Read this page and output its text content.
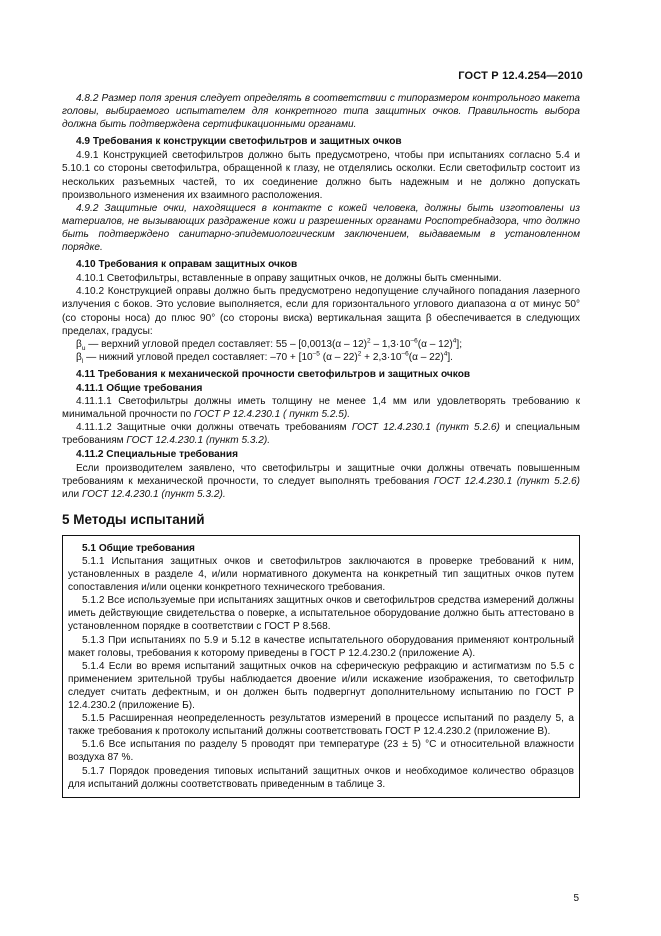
ГОСТ Р 12.4.254—2010

4.8.2 Размер поля зрения следует определять в соответствии с типоразмером контрольного макета головы, выбираемого испытателем для конкретного типа защитных очков. Правильность выбора должна быть подтверждена сертификационными органами.

4.9 Требования к конструкции светофильтров и защитных очков

4.9.1 Конструкцией светофильтров должно быть предусмотрено, чтобы при испытаниях согласно 5.4 и 5.10.1 со стороны светофильтра, обращенной к глазу, не отделялись осколки. Если светофильтр состоит из нескольких разъемных частей, то их соединение должно быть надежным и не должно допускать произвольного изменения их взаимного расположения.

4.9.2 Защитные очки, находящиеся в контакте с кожей человека, должны быть изготовлены из материалов, не вызывающих раздражение кожи и разрешенных органами Роспотребнадзора, что должно быть подтверждено санитарно-эпидемиологическим заключением, выдаваемым в установленном порядке.

4.10 Требования к оправам защитных очков

4.10.1 Светофильтры, вставленные в оправу защитных очков, не должны быть сменными.

4.10.2 Конструкцией оправы должно быть предусмотрено недопущение случайного попадания лазерного излучения с боков. Это условие выполняется, если для горизонтального углового диапазона α от минус 50° (со стороны носа) до плюс 90° (со стороны виска) вертикальная защита β обеспечивается в следующих пределах, градусы:

$\beta_u$ — верхний угловой предел составляет: $55 - [0,0013(\alpha - 12)^2 - 1,3\cdot 10^{-6}(\alpha - 12)^4]$;
$\beta_l$ — нижний угловой предел составляет: $-70 + [10^{-5}$ $(\alpha - 22)^2 + 2,3\cdot 10^{-6}(\alpha - 22)^4$].
4.11 Требования к механической прочности светофильтров и защитных очков
4.11.1 Общие требования

4.11.1.1 Светофильтры должны иметь толщину не менее 1,4 мм или удовлетворять требованию к минимальной прочности по ГОСТ Р 12.4.230.1 ( пункт 5.2.5).

4.11.1.2 Защитные очки должны отвечать требованиям ГОСТ 12.4.230.1 (пункт 5.2.6) и специальным требованиям ГОСТ 12.4.230.1 (пункт 5.3.2).

4.11.2 Специальные требования

Если производителем заявлено, что светофильтры и защитные очки должны отвечать повышенным требованиям к механической прочности, то следует выполнять требования ГОСТ 12.4.230.1 (пункт 5.2.6) или ГОСТ 12.4.230.1 (пункт 5.3.2).

5 Методы испытаний
5.1 Общие требования

5.1.1 Испытания защитных очков и светофильтров заключаются в проверке требований к ним, установленных в разделе 4, и/или нормативного документа на конкретный тип защитных очков путем сопоставления и/или оценки конкретного технического требования.

5.1.2 Все используемые при испытаниях защитных очков и светофильтров средства измерений должны иметь действующие свидетельства о поверке, а испытательное оборудование должно быть аттестовано в установленном порядке в соответствии с ГОСТ Р 8.568.

5.1.3 При испытаниях по 5.9 и 5.12 в качестве испытательного оборудования применяют контрольный макет головы, требования к которому приведены в ГОСТ Р 12.4.230.2 (приложение А).

5.1.4 Если во время испытаний защитных очков на сферическую рефракцию и астигматизм по 5.5 с применением зрительной трубы наблюдается двоение и/или искажение изображения, то светофильтр следует считать дефектным, и он должен быть подвергнут дополнительному испытанию по ГОСТ Р 12.4.230.2 (приложение Б).

5.1.5 Расширенная неопределенность результатов измерений в процессе испытаний по разделу 5, а также требования к протоколу испытаний должны соответствовать ГОСТ Р 12.4.230.2 (приложение В).

5.1.6 Все испытания по разделу 5 проводят при температуре (23 ± 5) °С и относительной влажности воздуха 87 %.

5.1.7 Порядок проведения типовых испытаний защитных очков и необходимое количество образцов для испытаний должны соответствовать приведенным в таблице 3.

5
